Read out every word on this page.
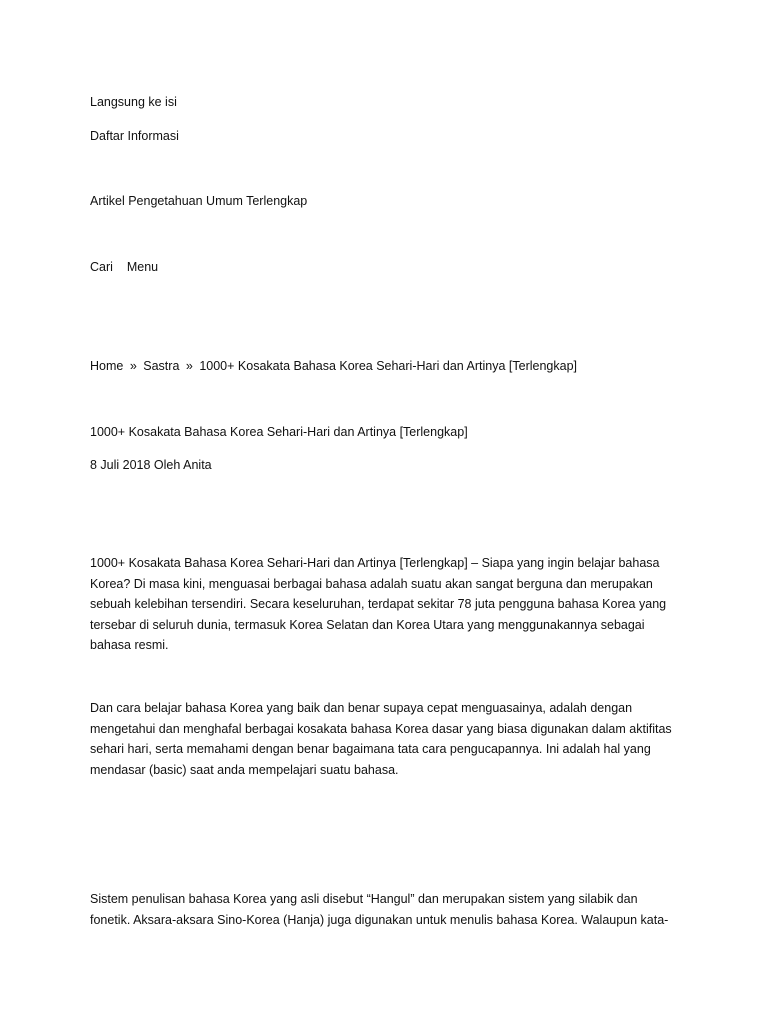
Langsung ke isi
Daftar Informasi

Artikel Pengetahuan Umum Terlengkap

Cari Menu
Home » Sastra » 1000+ Kosakata Bahasa Korea Sehari-Hari dan Artinya [Terlengkap]
1000+ Kosakata Bahasa Korea Sehari-Hari dan Artinya [Terlengkap]

8 Juli 2018 Oleh Anita

1000+ Kosakata Bahasa Korea Sehari-Hari dan Artinya [Terlengkap] – Siapa yang ingin belajar bahasa
Korea? Di masa kini, menguasai berbagai bahasa adalah suatu akan sangat berguna dan merupakan
sebuah kelebihan tersendiri. Secara keseluruhan, terdapat sekitar 78 juta pengguna bahasa Korea yang
tersebar di seluruh dunia, termasuk Korea Selatan dan Korea Utara yang menggunakannya sebagai
bahasa resmi.

Dan cara belajar bahasa Korea yang baik dan benar supaya cepat menguasainya, adalah dengan
mengetahui dan menghafal berbagai kosakata bahasa Korea dasar yang biasa digunakan dalam aktifitas
sehari hari, serta memahami dengan benar bagaimana tata cara pengucapannya. Ini adalah hal yang
mendasar (basic) saat anda mempelajari suatu bahasa.

Sistem penulisan bahasa Korea yang asli disebut “Hangul” dan merupakan sistem yang silabik dan
fonetik. Aksara-aksara Sino-Korea (Hanja) juga digunakan untuk menulis bahasa Korea. Walaupun kata-
